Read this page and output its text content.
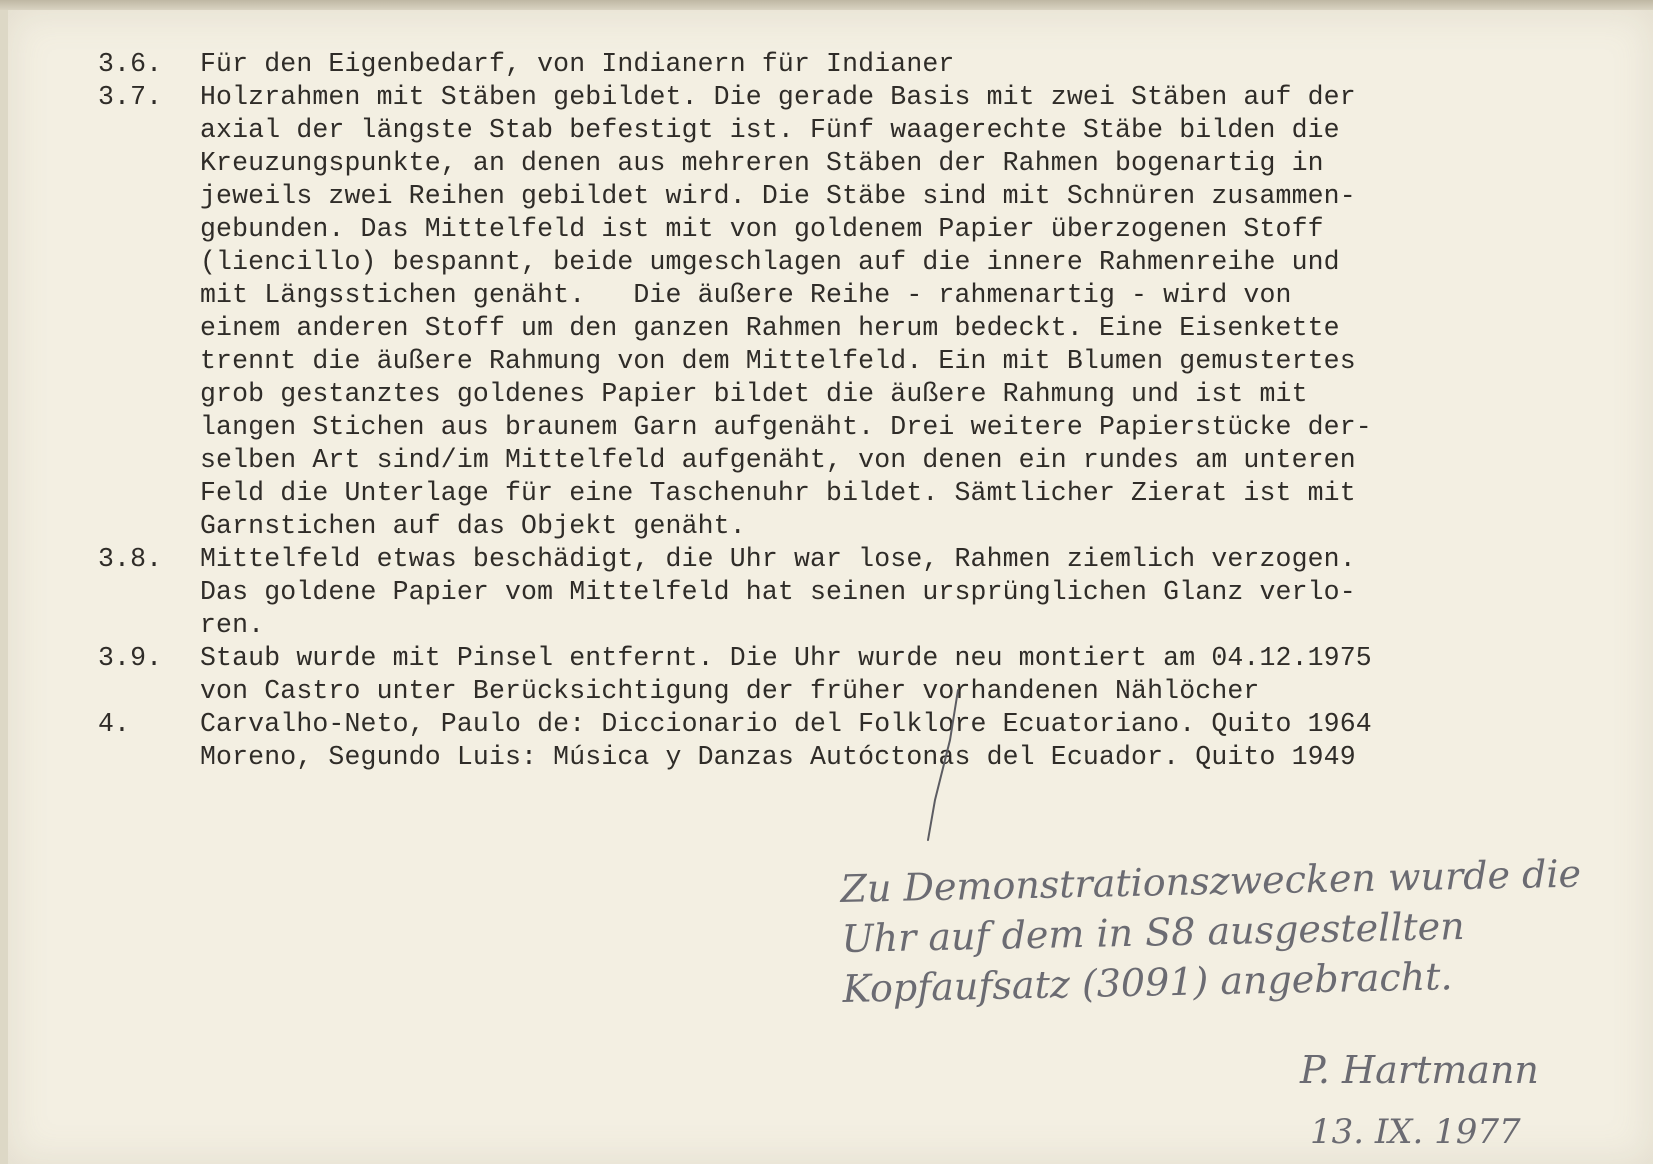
3.6.	Für den Eigenbedarf, von Indianern für Indianer
3.7.	Holzrahmen mit Stäben gebildet. Die gerade Basis mit zwei Stäben auf der
axial der längste Stab befestigt ist. Fünf waagerechte Stäbe bilden die
Kreuzungspunkte, an denen aus mehreren Stäben der Rahmen bogenartig in
jeweils zwei Reihen gebildet wird. Die Stäbe sind mit Schnüren zusammen-
gebunden. Das Mittelfeld ist mit von goldenem Papier überzogenen Stoff
(liencillo) bespannt, beide umgeschlagen auf die innere Rahmenreihe und
mit Längsstichen genäht.   Die äußere Reihe - rahmenartig - wird von
einem anderen Stoff um den ganzen Rahmen herum bedeckt. Eine Eisenkette
trennt die äußere Rahmung von dem Mittelfeld. Ein mit Blumen gemustertes
grob gestanztes goldenes Papier bildet die äußere Rahmung und ist mit
langen Stichen aus braunem Garn aufgenäht. Drei weitere Papierstücke der-
selben Art sind/im Mittelfeld aufgenäht, von denen ein rundes am unteren
Feld die Unterlage für eine Taschenuhr bildet. Sämtlicher Zierat ist mit
Garnstichen auf das Objekt genäht.
3.8.	Mittelfeld etwas beschädigt, die Uhr war lose, Rahmen ziemlich verzogen.
Das goldene Papier vom Mittelfeld hat seinen ursprünglichen Glanz verlo-
ren.
3.9.	Staub wurde mit Pinsel entfernt. Die Uhr wurde neu montiert am 04.12.1975
von Castro unter Berücksichtigung der früher vorhandenen Nählöcher
4.	Carvalho-Neto, Paulo de: Diccionario del Folklore Ecuatoriano. Quito 1964
Moreno, Segundo Luis: Música y Danzas Autóctonas del Ecuador. Quito 1949
Zu Demonstrationszwecken wurde die
Uhr auf dem in S8 ausgestellten
Kopfaufsatz (3091) angebracht.
P. Hartmann
13. IX. 1977
